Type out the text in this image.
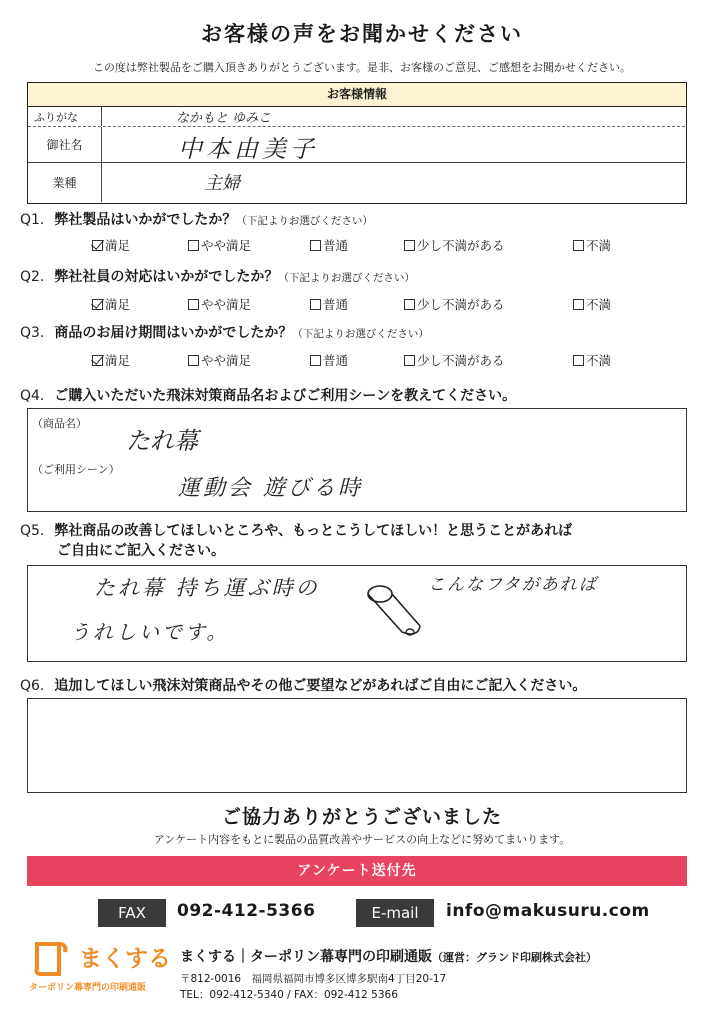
お客様の声をお聞かせください
この度は弊社製品をご購入頂きありがとうございます。是非、お客様のご意見、ご感想をお聞かせください。
お客様情報
ふりがな	なかもと ゆみこ
御社名	中本由美子
業種	主婦
Q1. 弊社製品はいかがでしたか？（下記よりお選びください）
満足	やや満足	普通	少し不満がある	不満
Q2. 弊社社員の対応はいかがでしたか？（下記よりお選びください）
満足	やや満足	普通	少し不満がある	不満
Q3. 商品のお届け期間はいかがでしたか？（下記よりお選びください）
満足	やや満足	普通	少し不満がある	不満
Q4. ご購入いただいた飛沫対策商品名およびご利用シーンを教えてください。
（商品名）
たれ幕
（ご利用シーン）
運動会 遊びる時
Q5. 弊社商品の改善してほしいところや、もっとこうしてほしい！と思うことがあれば
ご自由にご記入ください。
たれ幕 持ち運ぶ時の
うれしいです。
こんなフタがあれば
Q6. 追加してほしい飛沫対策商品やその他ご要望などがあればご自由にご記入ください。
ご協力ありがとうございました
アンケート内容をもとに製品の品質改善やサービスの向上などに努めてまいります。
アンケート送付先
FAX	092-412-5366	E-mail	info@makusuru.com
まくする
ターポリン幕専門の印刷通販
まくする｜ターポリン幕専門の印刷通販（運営：グランド印刷株式会社）
〒812-0016　福岡県福岡市博多区博多駅南4丁目20-17
TEL：092-412-5340 / FAX：092-412 5366
